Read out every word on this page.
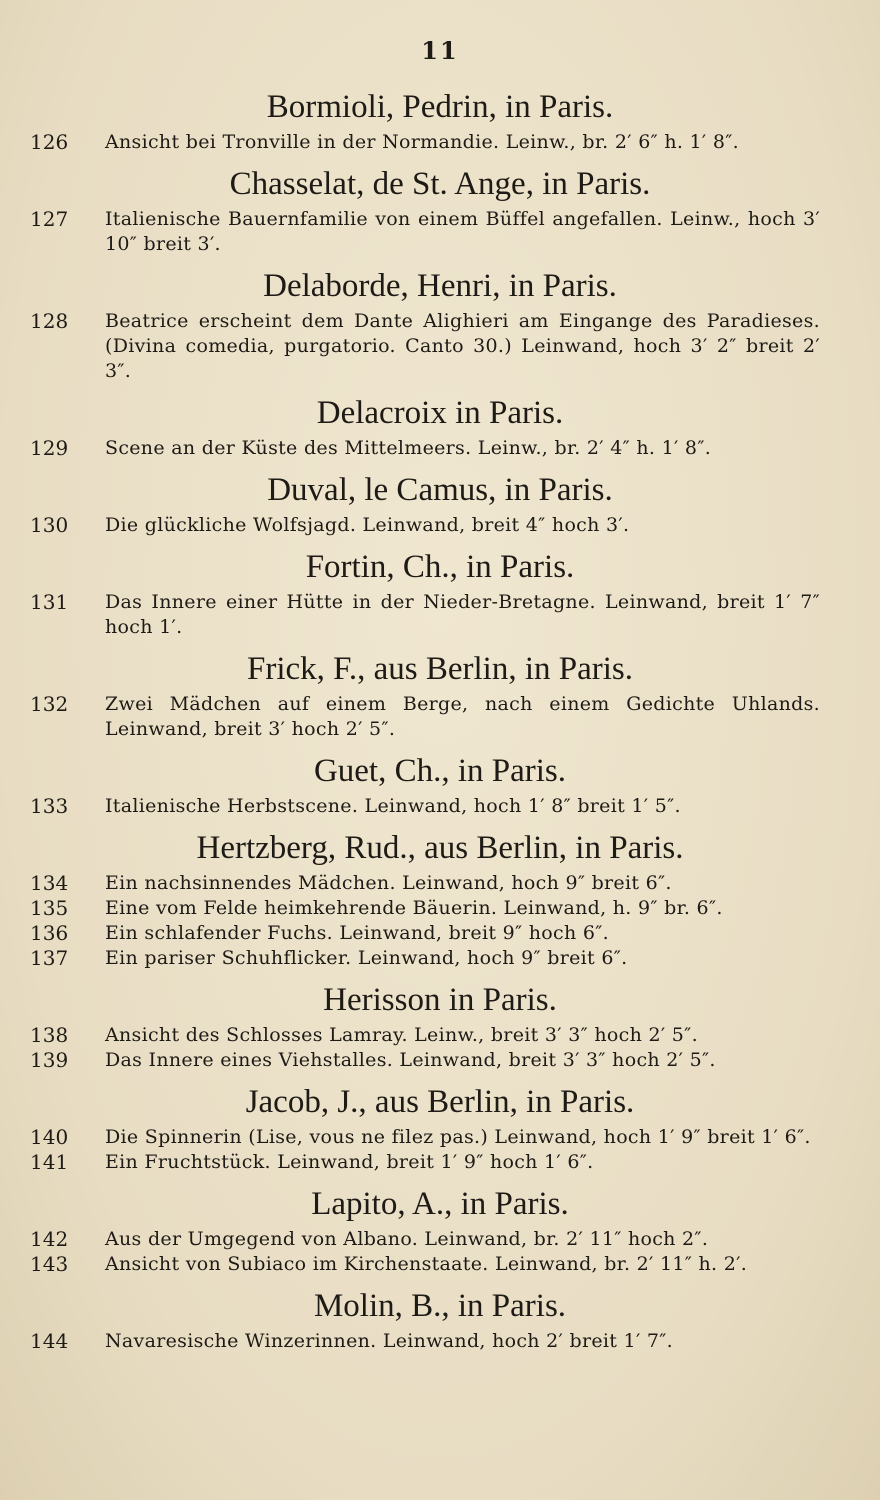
11
Bormioli, Pedrin, in Paris.
126	Ansicht bei Tronville in der Normandie. Leinw., br. 2′ 6″ h. 1′ 8″.
Chasselat, de St. Ange, in Paris.
127	Italienische Bauernfamilie von einem Büffel angefallen. Leinw., hoch 3′ 10″ breit 3′.
Delaborde, Henri, in Paris.
128	Beatrice erscheint dem Dante Alighieri am Eingange des Paradieses. (Divina comedia, purgatorio. Canto 30.) Leinwand, hoch 3′ 2″ breit 2′ 3″.
Delacroix in Paris.
129	Scene an der Küste des Mittelmeers. Leinw., br. 2′ 4″ h. 1′ 8″.
Duval, le Camus, in Paris.
130	Die glückliche Wolfsjagd. Leinwand, breit 4″ hoch 3′.
Fortin, Ch., in Paris.
131	Das Innere einer Hütte in der Nieder-Bretagne. Leinwand, breit 1′ 7″ hoch 1′.
Frick, F., aus Berlin, in Paris.
132	Zwei Mädchen auf einem Berge, nach einem Gedichte Uhlands. Leinwand, breit 3′ hoch 2′ 5″.
Guet, Ch., in Paris.
133	Italienische Herbstscene. Leinwand, hoch 1′ 8″ breit 1′ 5″.
Hertzberg, Rud., aus Berlin, in Paris.
134	Ein nachsinnendes Mädchen. Leinwand, hoch 9″ breit 6″.
135	Eine vom Felde heimkehrende Bäuerin. Leinwand, h. 9″ br. 6″.
136	Ein schlafender Fuchs. Leinwand, breit 9″ hoch 6″.
137	Ein pariser Schuhflicker. Leinwand, hoch 9″ breit 6″.
Herisson in Paris.
138	Ansicht des Schlosses Lamray. Leinw., breit 3′ 3″ hoch 2′ 5″.
139	Das Innere eines Viehstalles. Leinwand, breit 3′ 3″ hoch 2′ 5″.
Jacob, J., aus Berlin, in Paris.
140	Die Spinnerin (Lise, vous ne filez pas.) Leinwand, hoch 1′ 9″ breit 1′ 6″.
141	Ein Fruchtstück. Leinwand, breit 1′ 9″ hoch 1′ 6″.
Lapito, A., in Paris.
142	Aus der Umgegend von Albano. Leinwand, br. 2′ 11″ hoch 2″.
143	Ansicht von Subiaco im Kirchenstaate. Leinwand, br. 2′ 11″ h. 2′.
Molin, B., in Paris.
144	Navaresische Winzerinnen. Leinwand, hoch 2′ breit 1′ 7″.
